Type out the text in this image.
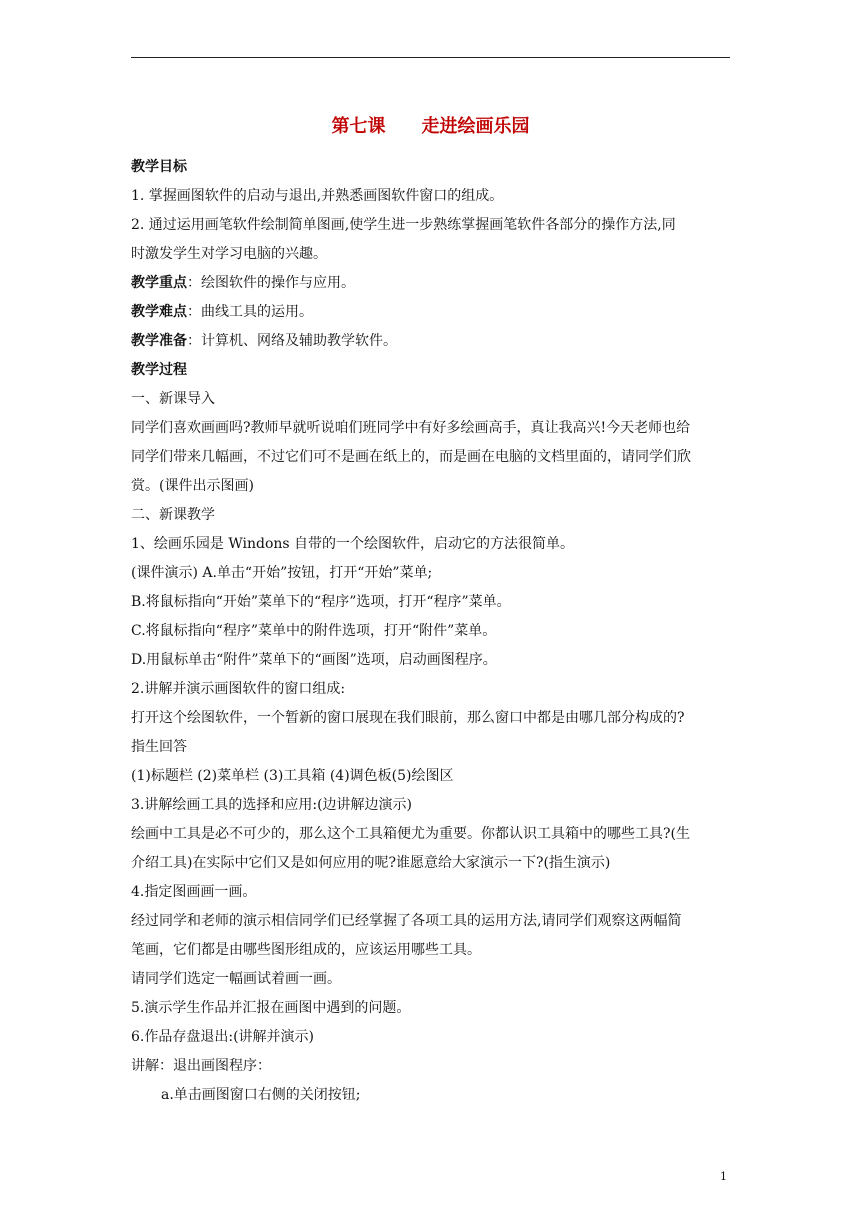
第七课　　走进绘画乐园
教学目标
1. 掌握画图软件的启动与退出,并熟悉画图软件窗口的组成。
2. 通过运用画笔软件绘制简单图画,使学生进一步熟练掌握画笔软件各部分的操作方法,同
时激发学生对学习电脑的兴趣。
教学重点：绘图软件的操作与应用。
教学难点：曲线工具的运用。
教学准备：计算机、网络及辅助教学软件。
教学过程
一、新课导入
同学们喜欢画画吗?教师早就听说咱们班同学中有好多绘画高手，真让我高兴!今天老师也给
同学们带来几幅画，不过它们可不是画在纸上的，而是画在电脑的文档里面的，请同学们欣
赏。(课件出示图画)
二、新课教学
1、绘画乐园是 Windons 自带的一个绘图软件，启动它的方法很简单。
(课件演示) A.单击“开始”按钮，打开“开始”菜单;
B.将鼠标指向“开始”菜单下的“程序”选项，打开“程序”菜单。
C.将鼠标指向“程序”菜单中的附件选项，打开“附件”菜单。
D.用鼠标单击“附件”菜单下的“画图”选项，启动画图程序。
2.讲解并演示画图软件的窗口组成:
打开这个绘图软件，一个暂新的窗口展现在我们眼前，那么窗口中都是由哪几部分构成的?
指生回答
(1)标题栏 (2)菜单栏 (3)工具箱 (4)调色板(5)绘图区
3.讲解绘画工具的选择和应用:(边讲解边演示)
绘画中工具是必不可少的，那么这个工具箱便尤为重要。你都认识工具箱中的哪些工具?(生
介绍工具)在实际中它们又是如何应用的呢?谁愿意给大家演示一下?(指生演示)
4.指定图画画一画。
经过同学和老师的演示相信同学们已经掌握了各项工具的运用方法,请同学们观察这两幅简
笔画，它们都是由哪些图形组成的，应该运用哪些工具。
请同学们选定一幅画试着画一画。
5.演示学生作品并汇报在画图中遇到的问题。
6.作品存盘退出:(讲解并演示)
讲解：退出画图程序：
a.单击画图窗口右侧的关闭按钮;
1
